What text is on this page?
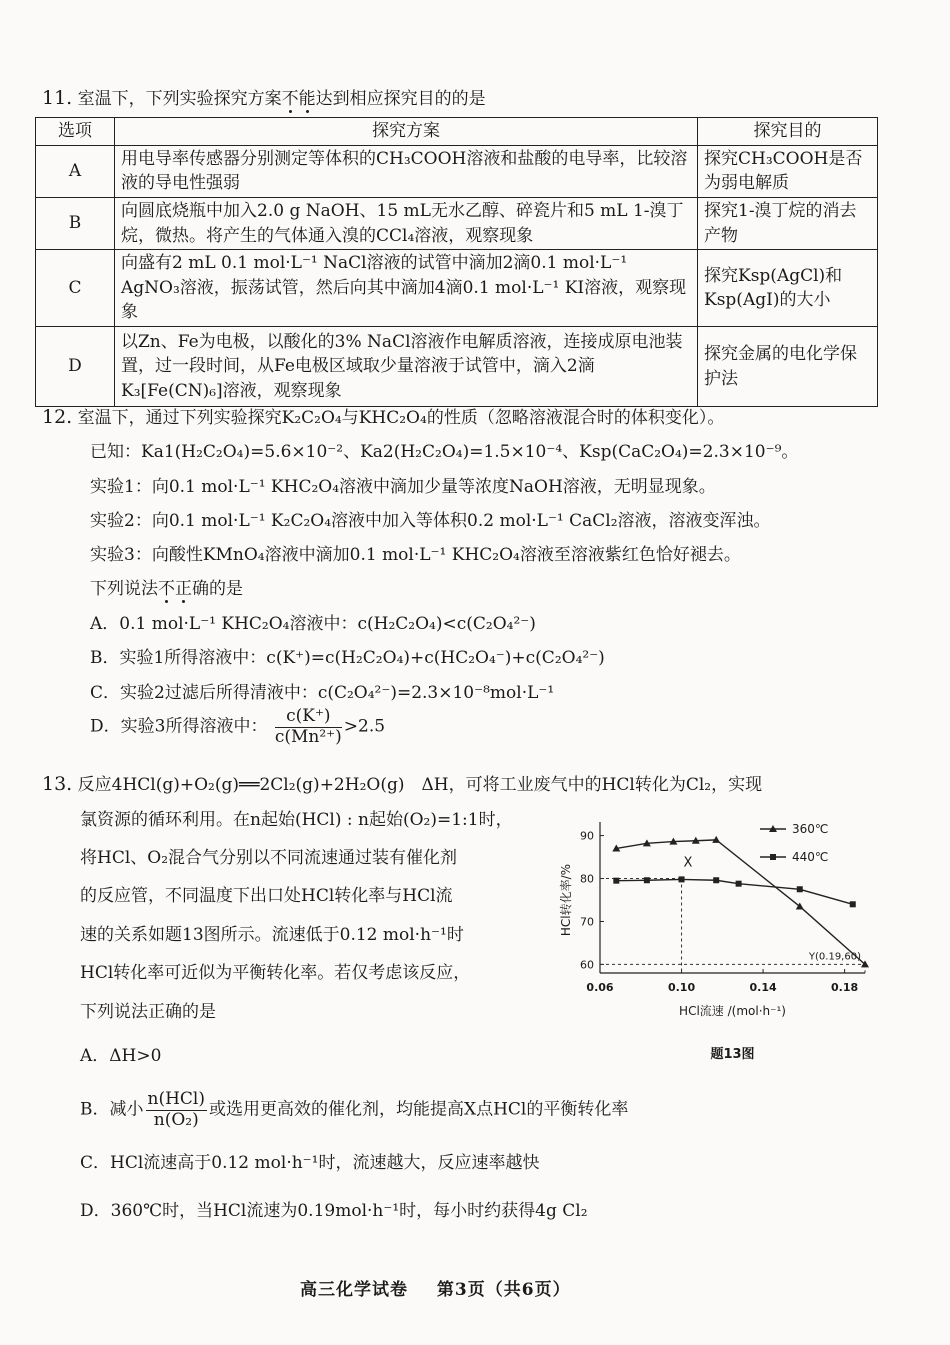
11. 室温下，下列实验探究方案不能达到相应探究目的的是
选项	探究方案	探究目的
A	用电导率传感器分别测定等体积的CH₃COOH溶液和盐酸的电导率，比较溶液的导电性强弱	探究CH₃COOH是否为弱电解质
B	向圆底烧瓶中加入2.0 g NaOH、15 mL无水乙醇、碎瓷片和5 mL 1-溴丁烷，微热。将产生的气体通入溴的CCl₄溶液，观察现象	探究1-溴丁烷的消去产物
C	向盛有2 mL 0.1 mol·L⁻¹ NaCl溶液的试管中滴加2滴0.1 mol·L⁻¹ AgNO₃溶液，振荡试管，然后向其中滴加4滴0.1 mol·L⁻¹ KI溶液，观察现象	探究Ksp(AgCl)和Ksp(AgI)的大小
D	以Zn、Fe为电极，以酸化的3% NaCl溶液作电解质溶液，连接成原电池装置，过一段时间，从Fe电极区域取少量溶液于试管中，滴入2滴K₃[Fe(CN)₆]溶液，观察现象	探究金属的电化学保护法
12. 室温下，通过下列实验探究K₂C₂O₄与KHC₂O₄的性质（忽略溶液混合时的体积变化）。
已知：Ka1(H₂C₂O₄)=5.6×10⁻²、Ka2(H₂C₂O₄)=1.5×10⁻⁴、Ksp(CaC₂O₄)=2.3×10⁻⁹。
实验1：向0.1 mol·L⁻¹ KHC₂O₄溶液中滴加少量等浓度NaOH溶液，无明显现象。
实验2：向0.1 mol·L⁻¹ K₂C₂O₄溶液中加入等体积0.2 mol·L⁻¹ CaCl₂溶液，溶液变浑浊。
实验3：向酸性KMnO₄溶液中滴加0.1 mol·L⁻¹ KHC₂O₄溶液至溶液紫红色恰好褪去。
下列说法不正确的是
A．0.1 mol·L⁻¹ KHC₂O₄溶液中：c(H₂C₂O₄)<c(C₂O₄²⁻)
B．实验1所得溶液中：c(K⁺)=c(H₂C₂O₄)+c(HC₂O₄⁻)+c(C₂O₄²⁻)
C．实验2过滤后所得清液中：c(C₂O₄²⁻)=2.3×10⁻⁸mol·L⁻¹
D．实验3所得溶液中： $\frac{c(K^+)}{\text{c(Mn²⁺)}} >2.5$
13. 反应4HCl(g)+O₂(g)══2Cl₂(g)+2H₂O(g)　ΔH，可将工业废气中的HCl转化为Cl₂，实现
氯资源的循环利用。在n起始(HCl) : n起始(O₂)=1:1时，
将HCl、O₂混合气分别以不同流速通过装有催化剂
的反应管，不同温度下出口处HCl转化率与HCl流
速的关系如题13图所示。流速低于0.12 mol·h⁻¹时
HCl转化率可近似为平衡转化率。若仅考虑该反应，
下列说法正确的是
A．ΔH>0
B．减小 $\frac{\text{n(HCl)}}{\text{n(O₂)}}$ 或选用更高效的催化剂，均能提高X点HCl的平衡转化率
C．HCl流速高于0.12 mol·h⁻¹时，流速越大，反应速率越快
D．360℃时，当HCl流速为0.19mol·h⁻¹时，每小时约获得4g Cl₂
0.06	0.10	0.14	0.18
60
70
80
90
HCl流速 /(mol·h⁻¹)
HCl转化率/%
题13图
360℃
440℃
X
Y(0.19,60)
高三化学试卷 第3页（共6页）
